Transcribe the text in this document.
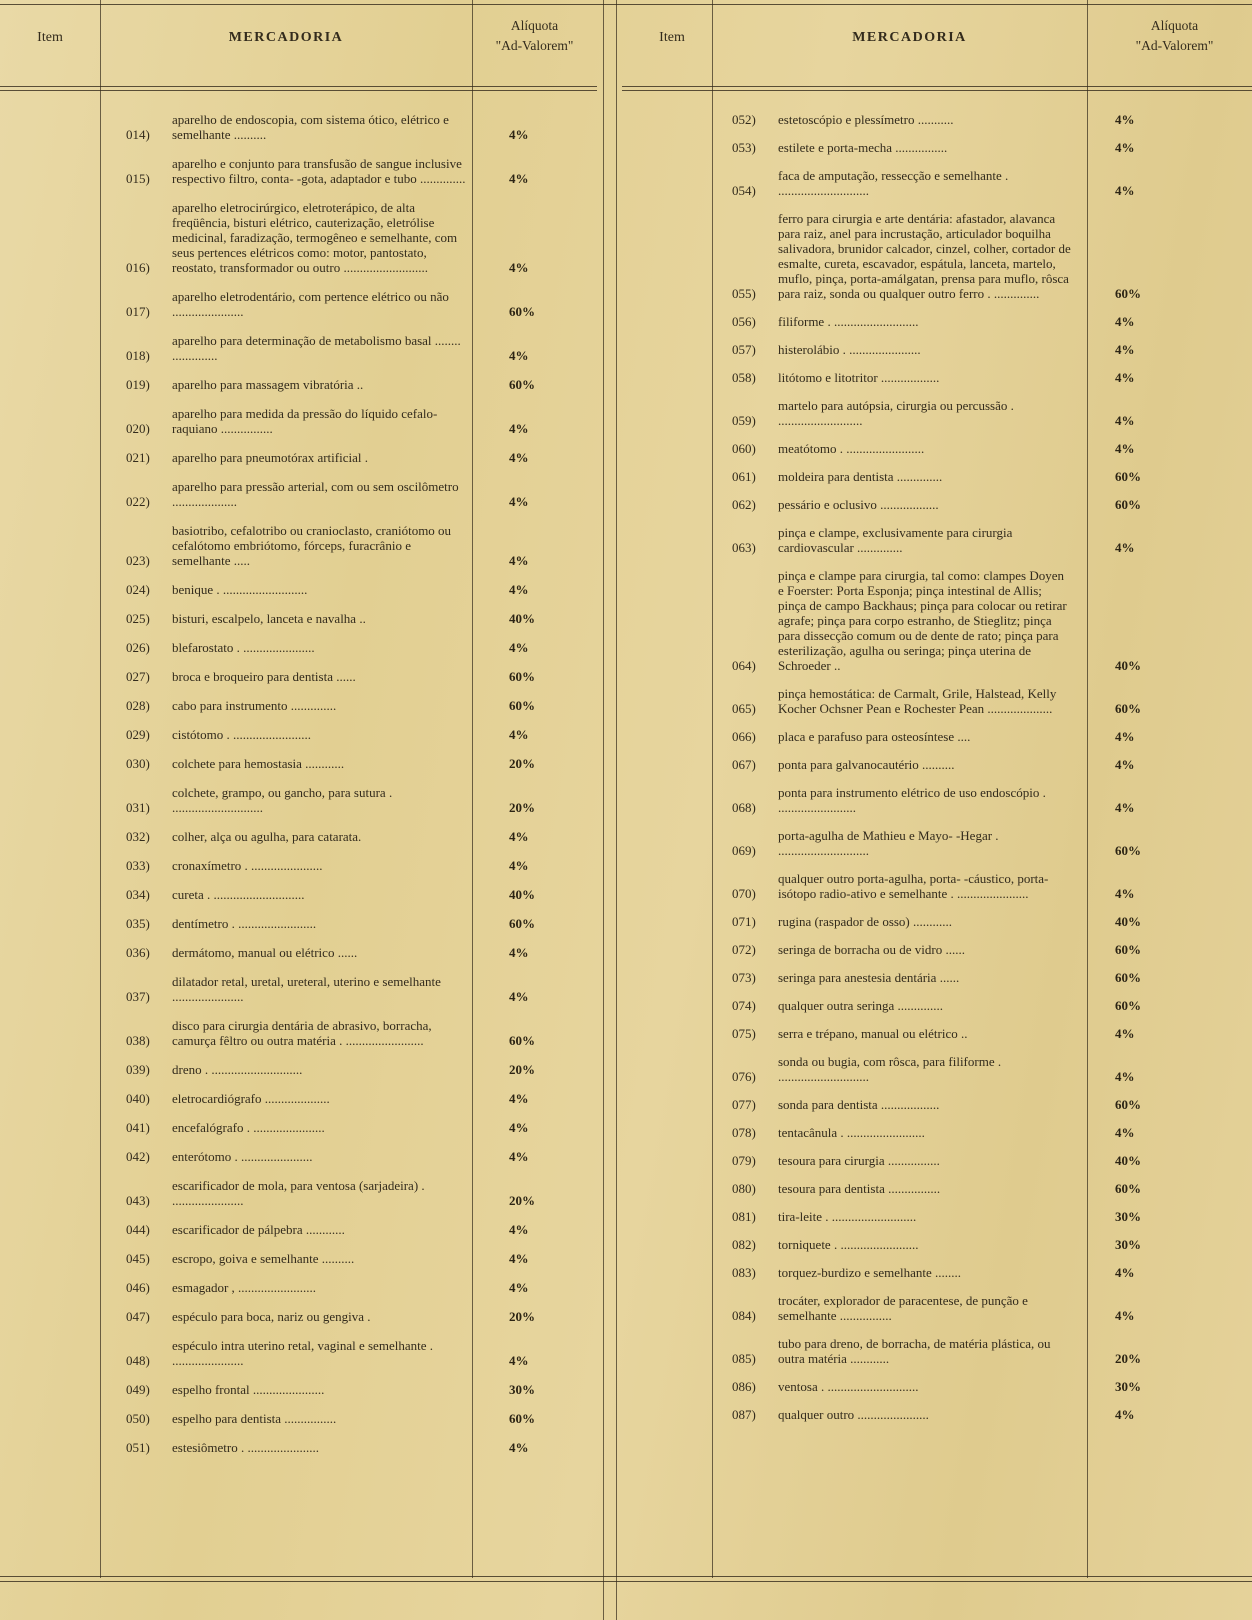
Item	MERCADORIA
Alíquota
"Ad-Valorem"
014)
aparelho de endoscopia, com sistema ótico, elétrico e semelhante ..........	4%
015)
aparelho e conjunto para transfusão de sangue inclusive respectivo filtro, conta- -gota, adaptador e tubo ..............	4%
016)
aparelho eletrocirúrgico, eletroterápico, de alta freqüência, bisturi elétrico, cauterização, eletrólise medicinal, faradização, termogêneo e semelhante, com seus pertences elétricos como: motor, pantostato, reostato, transformador ou outro ..........................	4%
017)
aparelho eletrodentário, com pertence elétrico ou não ......................	60%
018)
aparelho para determinação de metabolismo basal ........ ..............	4%
019)	aparelho para massagem vibratória ..	60%
020)
aparelho para medida da pressão do líquido cefalo-raquiano ................	4%
021)	aparelho para pneumotórax artificial .	4%
022)
aparelho para pressão arterial, com ou sem oscilômetro ....................	4%
023)
basiotribo, cefalotribo ou cranioclasto, craniótomo ou cefalótomo embriótomo, fórceps, furacrânio e semelhante .....	4%
024)	benique . ..........................	4%
025)	bisturi, escalpelo, lanceta e navalha ..	40%
026)	blefarostato . ......................	4%
027)	broca e broqueiro para dentista ......	60%
028)	cabo para instrumento ..............	60%
029)	cistótomo . ........................	4%
030)	colchete para hemostasia ............	20%
031)
colchete, grampo, ou gancho, para sutura . ............................	20%
032)	colher, alça ou agulha, para catarata.	4%
033)	cronaxímetro . ......................	4%
034)	cureta . ............................	40%
035)	dentímetro . ........................	60%
036)	dermátomo, manual ou elétrico ......	4%
037)
dilatador retal, uretal, ureteral, uterino e semelhante ......................	4%
038)
disco para cirurgia dentária de abrasivo, borracha, camurça fêltro ou outra matéria . ........................	60%
039)	dreno . ............................	20%
040)	eletrocardiógrafo ....................	4%
041)	encefalógrafo . ......................	4%
042)	enterótomo . ......................	4%
043)
escarificador de mola, para ventosa (sarjadeira) . ......................	20%
044)	escarificador de pálpebra ............	4%
045)	escropo, goiva e semelhante ..........	4%
046)	esmagador , ........................	4%
047)	espéculo para boca, nariz ou gengiva .	20%
048)
espéculo intra uterino retal, vaginal e semelhante . ......................	4%
049)	espelho frontal ......................	30%
050)	espelho para dentista ................	60%
051)	estesiômetro . ......................	4%
Item	MERCADORIA
Alíquota
"Ad-Valorem"
052)	estetoscópio e plessímetro ...........	4%
053)	estilete e porta-mecha ................	4%
054)
faca de amputação, ressecção e semelhante . ............................	4%
055)
ferro para cirurgia e arte dentária: afastador, alavanca para raiz, anel para incrustação, articulador boquilha salivadora, brunidor calcador, cinzel, colher, cortador de esmalte, cureta, escavador, espátula, lanceta, martelo, muflo, pinça, porta-amálgatan, prensa para muflo, rôsca para raiz, sonda ou qualquer outro ferro . ..............	60%
056)	filiforme . ..........................	4%
057)	histerolábio . ......................	4%
058)	litótomo e litotritor ..................	4%
059)
martelo para autópsia, cirurgia ou percussão . ..........................	4%
060)	meatótomo . ........................	4%
061)	moldeira para dentista ..............	60%
062)	pessário e oclusivo ..................	60%
063)
pinça e clampe, exclusivamente para cirurgia cardiovascular ..............	4%
064)
pinça e clampe para cirurgia, tal como: clampes Doyen e Foerster: Porta Esponja; pinça intestinal de Allis; pinça de campo Backhaus; pinça para colocar ou retirar agrafe; pinça para corpo estranho, de Stieglitz; pinça para dissecção comum ou de dente de rato; pinça para esterilização, agulha ou seringa; pinça uterina de Schroeder ..	40%
065)
pinça hemostática: de Carmalt, Grile, Halstead, Kelly Kocher Ochsner Pean e Rochester Pean ....................	60%
066)	placa e parafuso para osteosíntese ....	4%
067)	ponta para galvanocautério ..........	4%
068)
ponta para instrumento elétrico de uso endoscópio . ........................	4%
069)
porta-agulha de Mathieu e Mayo- -Hegar . ............................	60%
070)
qualquer outro porta-agulha, porta- -cáustico, porta-isótopo radio-ativo e semelhante . ......................	4%
071)	rugina (raspador de osso) ............	40%
072)	seringa de borracha ou de vidro ......	60%
073)	seringa para anestesia dentária ......	60%
074)	qualquer outra seringa ..............	60%
075)	serra e trépano, manual ou elétrico ..	4%
076)
sonda ou bugia, com rôsca, para filiforme . ............................	4%
077)	sonda para dentista ..................	60%
078)	tentacânula . ........................	4%
079)	tesoura para cirurgia ................	40%
080)	tesoura para dentista ................	60%
081)	tira-leite . ..........................	30%
082)	torniquete . ........................	30%
083)	torquez-burdizo e semelhante ........	4%
084)
trocáter, explorador de paracentese, de punção e semelhante ................	4%
085)
tubo para dreno, de borracha, de matéria plástica, ou outra matéria ............	20%
086)	ventosa . ............................	30%
087)	qualquer outro ......................	4%
